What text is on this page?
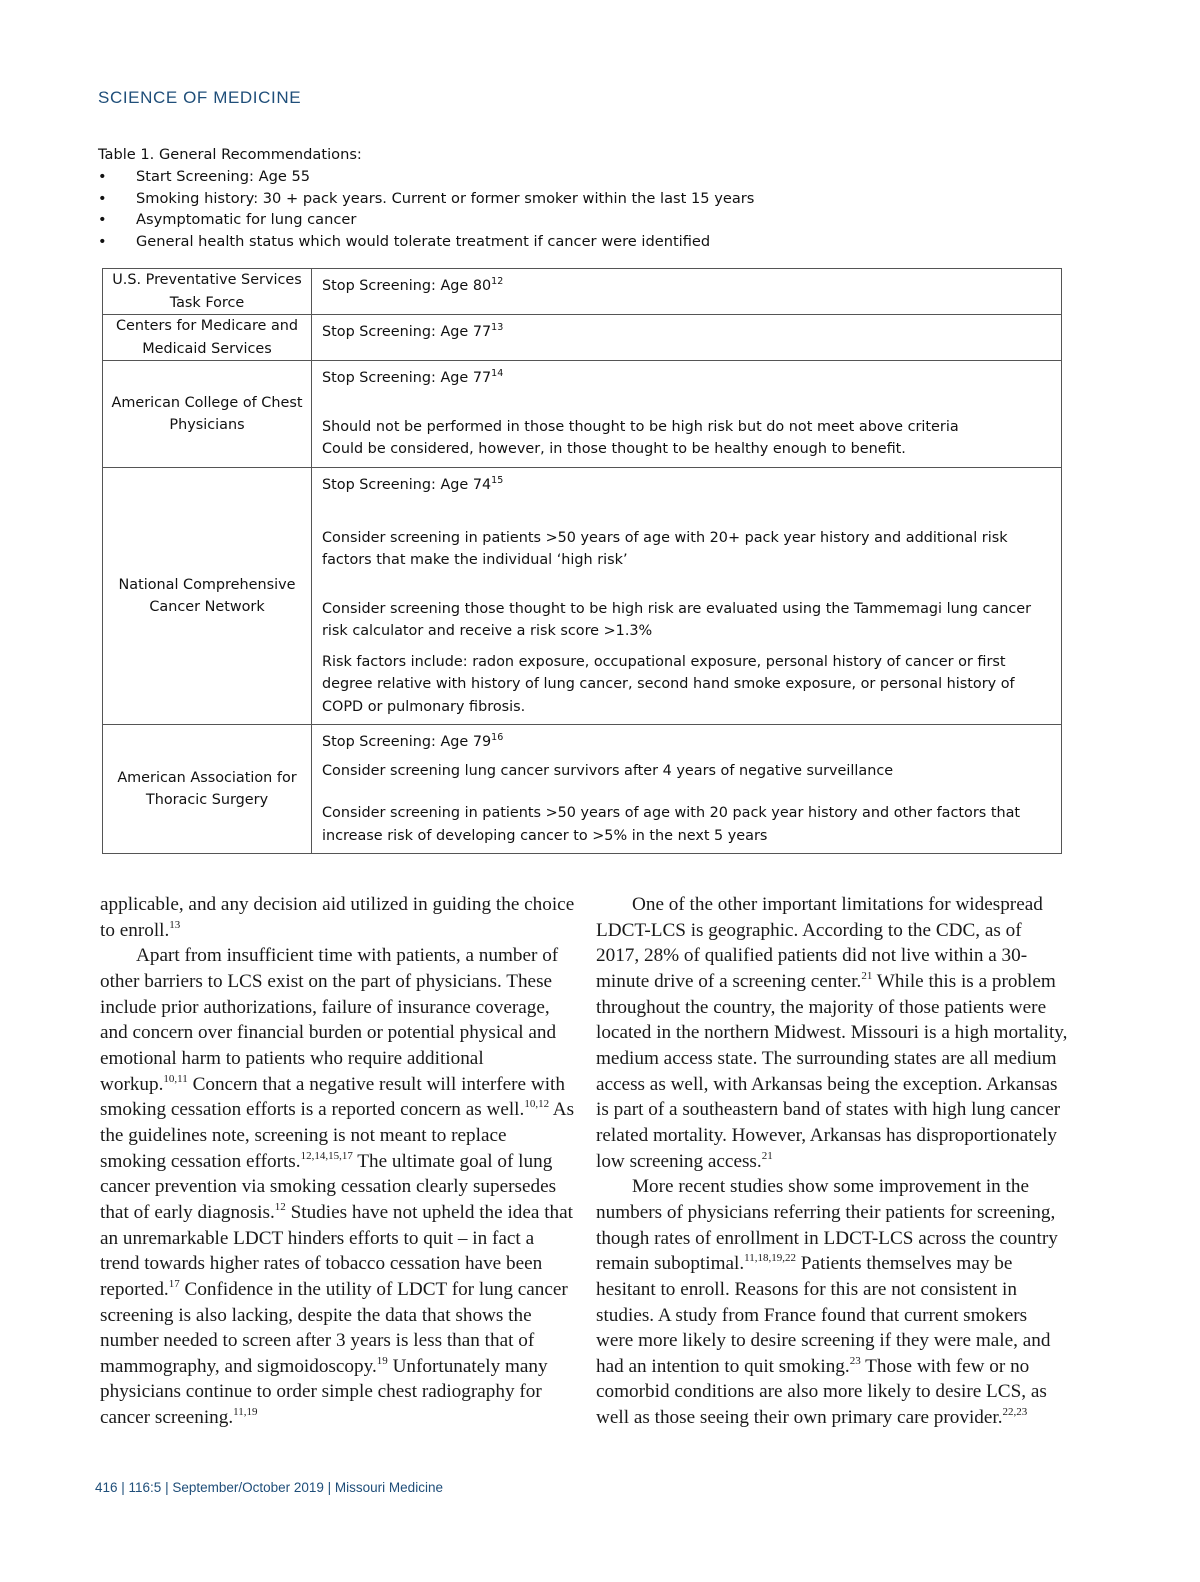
SCIENCE OF MEDICINE
Table 1. General Recommendations:
•	Start Screening: Age 55
•	Smoking history: 30 + pack years. Current or former smoker within the last 15 years
•	Asymptomatic for lung cancer
•	General health status which would tolerate treatment if cancer were identified
U.S. Preventative Services Task Force	Stop Screening: Age $80^{12}$

Centers for Medicare and Medicaid Services	Stop Screening: Age $77^{13}$

American College of Chest Physicians	Stop Screening: Age $77^{14}$
Should not be performed in those thought to be high risk but do not meet above criteria
Could be considered, however, in those thought to be healthy enough to benefit.

National Comprehensive Cancer Network	Stop Screening: Age $74^{15}$
Consider screening in patients >50 years of age with 20+ pack year history and additional risk factors that make the individual ‘high risk’
Consider screening those thought to be high risk are evaluated using the Tammemagi lung cancer risk calculator and receive a risk score >1.3%
Risk factors include: radon exposure, occupational exposure, personal history of cancer or first degree relative with history of lung cancer, second hand smoke exposure, or personal history of COPD or pulmonary fibrosis.

American Association for Thoracic Surgery	Stop Screening: Age $79^{16}$
Consider screening lung cancer survivors after 4 years of negative surveillance
Consider screening in patients >50 years of age with 20 pack year history and other factors that increase risk of developing cancer to >5% in the next 5 years

applicable, and any decision aid utilized in guiding the choice to enroll.$^{13}$

Apart from insufficient time with patients, a number of other barriers to LCS exist on the part of physicians. These include prior authorizations, failure of insurance coverage, and concern over financial burden or potential physical and emotional harm to patients who require additional workup.$^{10,11}$ Concern that a negative result will interfere with smoking cessation efforts is a reported concern as well.$^{10,12}$ As the guidelines note, screening is not meant to replace smoking cessation efforts.$^{12,14,15,17}$ The ultimate goal of lung cancer prevention via smoking cessation clearly supersedes that of early diagnosis.$^{12}$ Studies have not upheld the idea that an unremarkable LDCT hinders efforts to quit – in fact a trend towards higher rates of tobacco cessation have been reported.$^{17}$ Confidence in the utility of LDCT for lung cancer screening is also lacking, despite the data that shows the number needed to screen after 3 years is less than that of mammography, and sigmoidoscopy.$^{19}$ Unfortunately many physicians continue to order simple chest radiography for cancer screening.$^{11,19}$

One of the other important limitations for widespread LDCT-LCS is geographic. According to the CDC, as of 2017, 28% of qualified patients did not live within a 30-minute drive of a screening center.$^{21}$ While this is a problem throughout the country, the majority of those patients were located in the northern Midwest. Missouri is a high mortality, medium access state. The surrounding states are all medium access as well, with Arkansas being the exception. Arkansas is part of a southeastern band of states with high lung cancer related mortality. However, Arkansas has disproportionately low screening access.$^{21}$

More recent studies show some improvement in the numbers of physicians referring their patients for screening, though rates of enrollment in LDCT-LCS across the country remain suboptimal.$^{11,18,19,22}$ Patients themselves may be hesitant to enroll. Reasons for this are not consistent in studies. A study from France found that current smokers were more likely to desire screening if they were male, and had an intention to quit smoking.$^{23}$ Those with few or no comorbid conditions are also more likely to desire LCS, as well as those seeing their own primary care provider.$^{22,23}$

416 | 116:5 | September/October 2019 | Missouri Medicine
